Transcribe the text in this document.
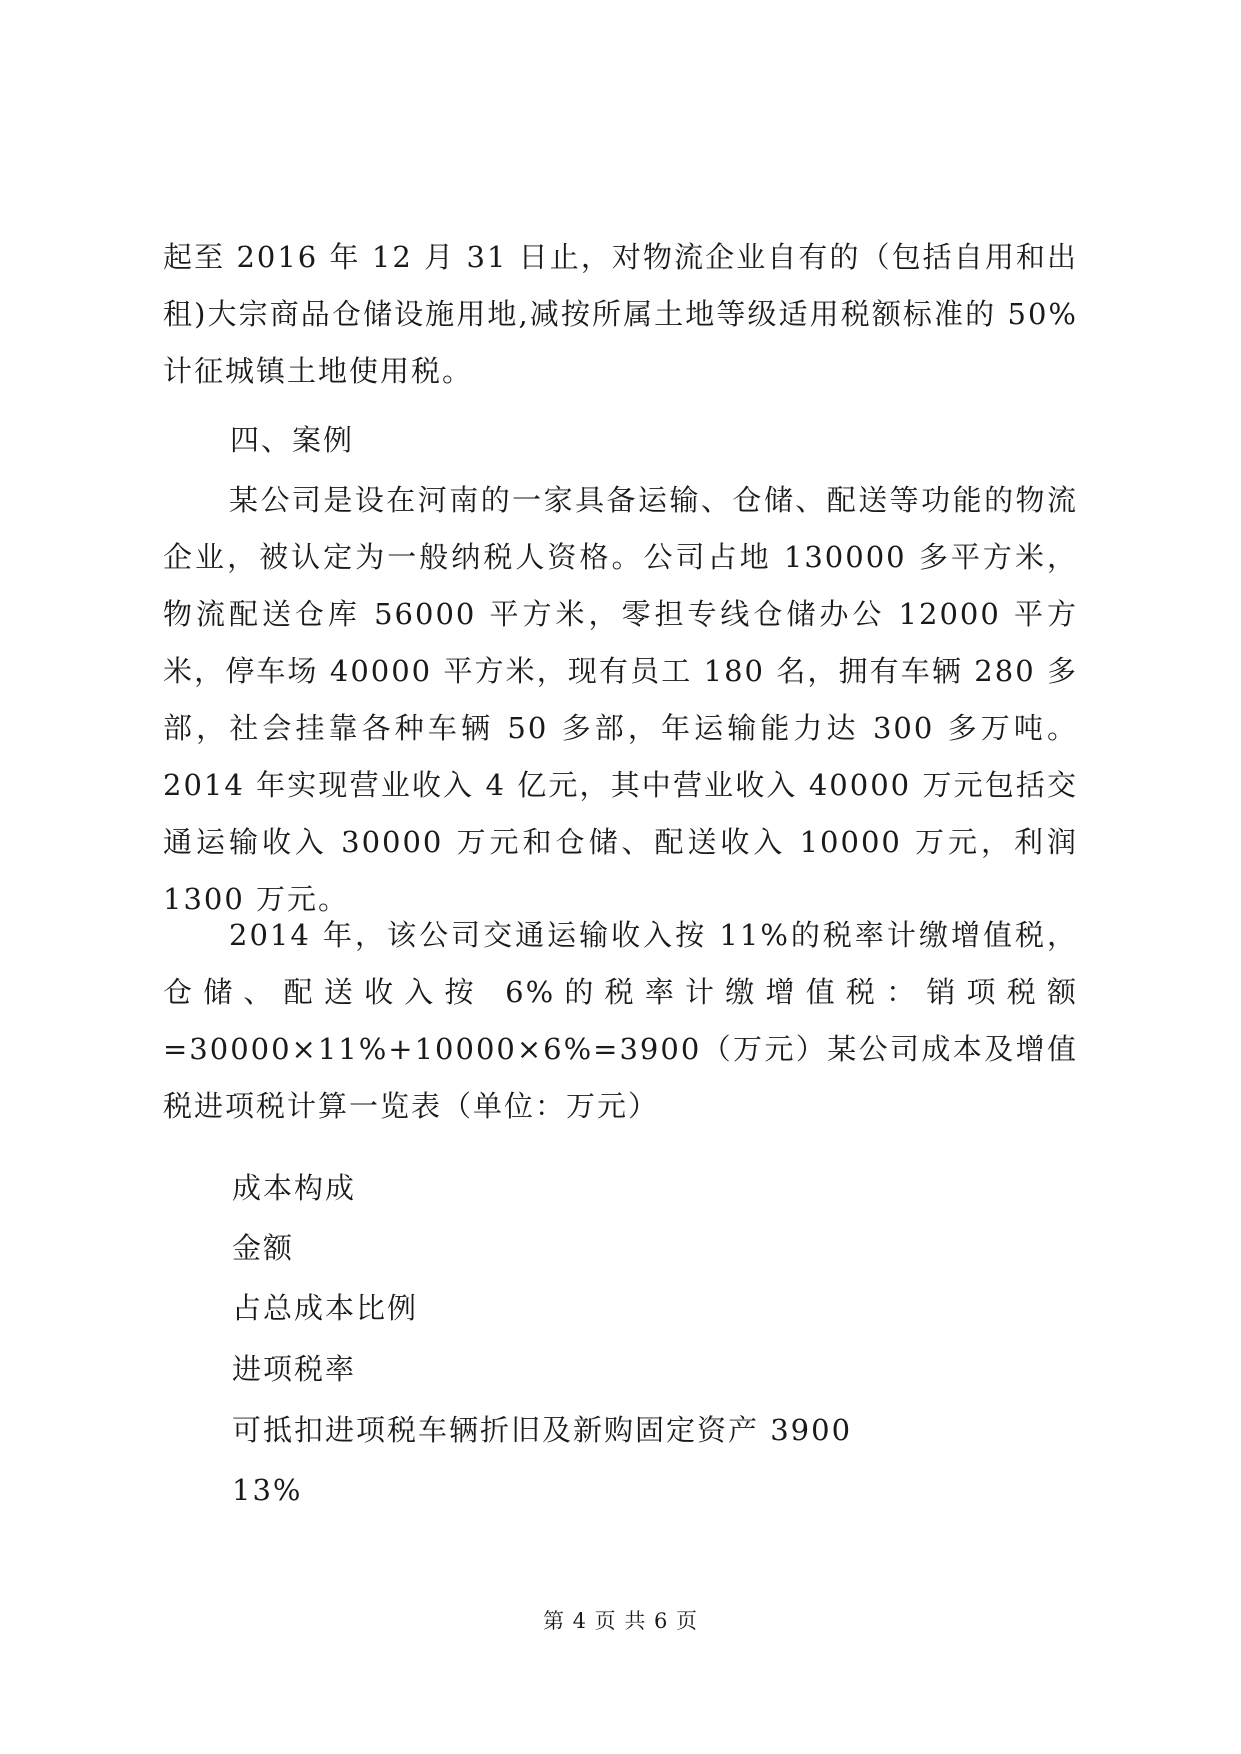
起至 2016 年 12 月 31 日止，对物流企业自有的（包括自用和出租)大宗商品仓储设施用地,减按所属土地等级适用税额标准的 50%计征城镇土地使用税。
四、案例
某公司是设在河南的一家具备运输、仓储、配送等功能的物流企业，被认定为一般纳税人资格。公司占地 130000 多平方米，物流配送仓库 56000 平方米，零担专线仓储办公 12000 平方米，停车场 40000 平方米，现有员工 180 名，拥有车辆 280 多部，社会挂靠各种车辆 50 多部，年运输能力达 300 多万吨。2014 年实现营业收入 4 亿元，其中营业收入 40000 万元包括交通运输收入 30000 万元和仓储、配送收入 10000 万元，利润 1300 万元。
2014 年，该公司交通运输收入按 11%的税率计缴增值税，仓储、配送收入按 6%的税率计缴增值税：销项税额=30000×11%+10000×6%=3900（万元）某公司成本及增值税进项税计算一览表（单位：万元）
成本构成
金额
占总成本比例
进项税率
可抵扣进项税车辆折旧及新购固定资产 3900
13%
第 4 页 共 6 页
